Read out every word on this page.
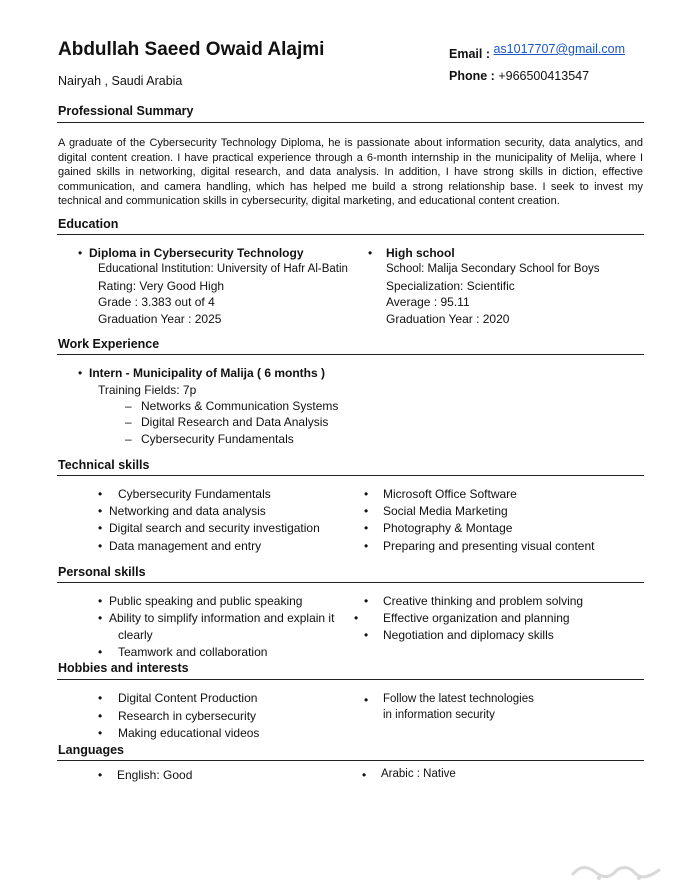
Abdullah Saeed Owaid Alajmi
Nairyah , Saudi Arabia
Email : as1017707@gmail.com
Phone : +966500413547
Professional Summary
A graduate of the Cybersecurity Technology Diploma, he is passionate about information security, data analytics, and digital content creation. I have practical experience through a 6-month internship in the municipality of Melija, where I gained skills in networking, digital research, and data analysis. In addition, I have strong skills in diction, effective communication, and camera handling, which has helped me build a strong relationship base. I seek to invest my technical and communication skills in cybersecurity, digital marketing, and educational content creation.
Education
• Diploma in Cybersecurity Technology
Educational Institution: University of Hafr Al-Batin
Rating: Very Good High
Grade : 3.383 out of 4
Graduation Year : 2025
• High school
School: Malija Secondary School for Boys
Specialization: Scientific
Average : 95.11
Graduation Year : 2020
Work Experience
• Intern - Municipality of Malija ( 6 months )
Training Fields: 7p
– Networks & Communication Systems
– Digital Research and Data Analysis
– Cybersecurity Fundamentals
Technical skills
• Cybersecurity Fundamentals
• Networking and data analysis
• Digital search and security investigation
• Data management and entry
• Microsoft Office Software
• Social Media Marketing
• Photography & Montage
• Preparing and presenting visual content
Personal skills
• Public speaking and public speaking
• Ability to simplify information and explain it
clearly
• Teamwork and collaboration
• Creative thinking and problem solving
• Effective organization and planning
• Negotiation and diplomacy skills
Hobbies and interests
• Digital Content Production
• Research in cybersecurity
• Making educational videos
• Follow the latest technologies
in information security
Languages
• English: Good	• Arabic : Native
